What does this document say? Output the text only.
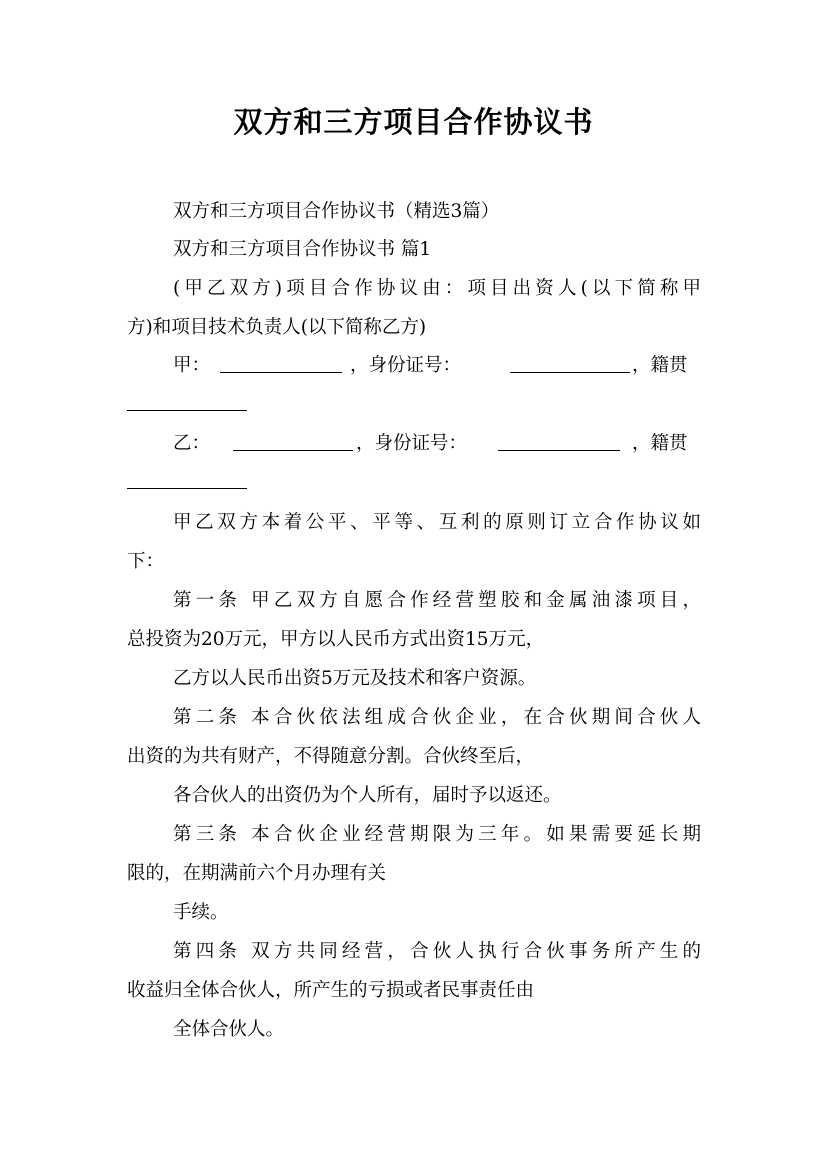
双方和三方项目合作协议书
双方和三方项目合作协议书（精选3篇）
双方和三方项目合作协议书 篇1
(甲乙双方)项目合作协议由：项目出资人(以下简称甲
方)和项目技术负责人(以下简称乙方)
甲：	，身份证号：	，籍贯
乙：	，身份证号：	，籍贯
甲乙双方本着公平、平等、互利的原则订立合作协议如
下：
第一条 甲乙双方自愿合作经营塑胶和金属油漆项目，
总投资为20万元，甲方以人民币方式出资15万元，
乙方以人民币出资5万元及技术和客户资源。
第二条 本合伙依法组成合伙企业，在合伙期间合伙人
出资的为共有财产，不得随意分割。合伙终至后，
各合伙人的出资仍为个人所有，届时予以返还。
第三条 本合伙企业经营期限为三年。如果需要延长期
限的，在期满前六个月办理有关
手续。
第四条 双方共同经营，合伙人执行合伙事务所产生的
收益归全体合伙人，所产生的亏损或者民事责任由
全体合伙人。
